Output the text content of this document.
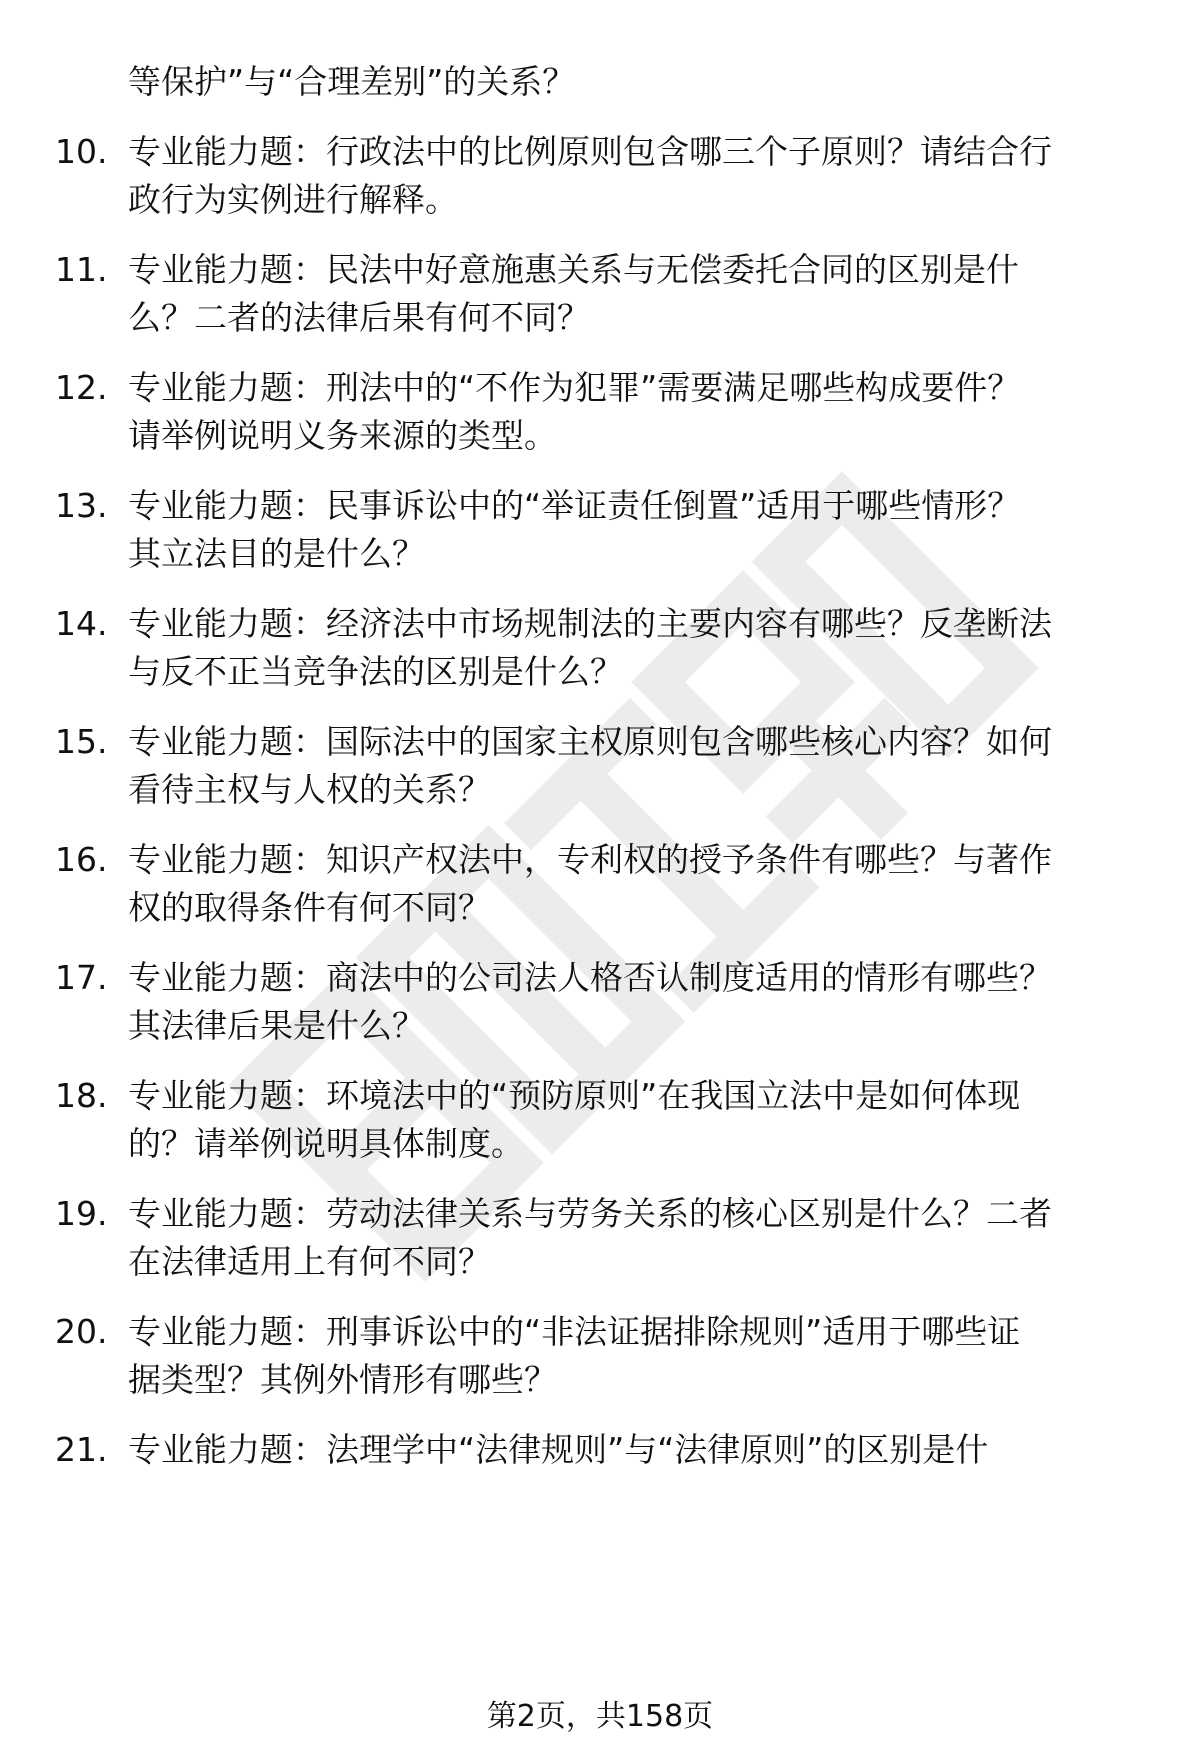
等保护”与“合理差别”的关系？
10. 专业能力题：行政法中的比例原则包含哪三个子原则？请结合行
政行为实例进行解释。
11. 专业能力题：民法中好意施惠关系与无偿委托合同的区别是什
么？二者的法律后果有何不同？
12. 专业能力题：刑法中的“不作为犯罪”需要满足哪些构成要件？
请举例说明义务来源的类型。
13. 专业能力题：民事诉讼中的“举证责任倒置”适用于哪些情形？
其立法目的是什么？
14. 专业能力题：经济法中市场规制法的主要内容有哪些？反垄断法
与反不正当竞争法的区别是什么？
15. 专业能力题：国际法中的国家主权原则包含哪些核心内容？如何
看待主权与人权的关系？
16. 专业能力题：知识产权法中，专利权的授予条件有哪些？与著作
权的取得条件有何不同？
17. 专业能力题：商法中的公司法人格否认制度适用的情形有哪些？
其法律后果是什么？
18. 专业能力题：环境法中的“预防原则”在我国立法中是如何体现
的？请举例说明具体制度。
19. 专业能力题：劳动法律关系与劳务关系的核心区别是什么？二者
在法律适用上有何不同？
20. 专业能力题：刑事诉讼中的“非法证据排除规则”适用于哪些证
据类型？其例外情形有哪些？
21. 专业能力题：法理学中“法律规则”与“法律原则”的区别是什
第2页，共158页
